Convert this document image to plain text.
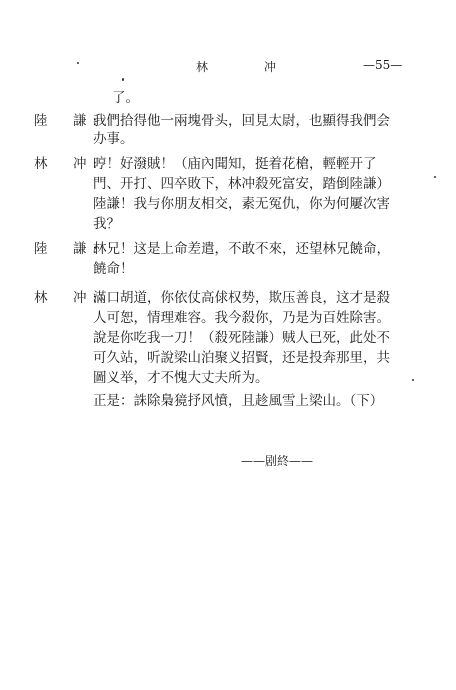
林　冲	—55—
了。
陸　謙:
我們拾得他一兩塊骨头，回見太尉，也顯得我們会
办事。
林　冲:
哼！好潑賊！（庙內聞知，挺着花槍，輕輕开了
門、开打、四卒敗下，林冲殺死富安，踏倒陸謙）
陸謙！我与你朋友相交，素无冤仇，你为何屢次害
我？
陸　謙:
林兄！这是上命差遣，不敢不來，还望林兄饒命，
饒命！
林　冲:
滿口胡道，你依仗高俅权势，欺压善良，这才是殺
人可恕，情理难容。我今殺你，乃是为百姓除害。
說是你吃我一刀！（殺死陸謙）贼人已死，此处不
可久站，听說梁山泊聚义招賢，还是投奔那里，共
圖义举，才不愧大丈夫所为。
正是：誅除梟獍抒风憤，且趁風雪上梁山。（下）
——剧終——
